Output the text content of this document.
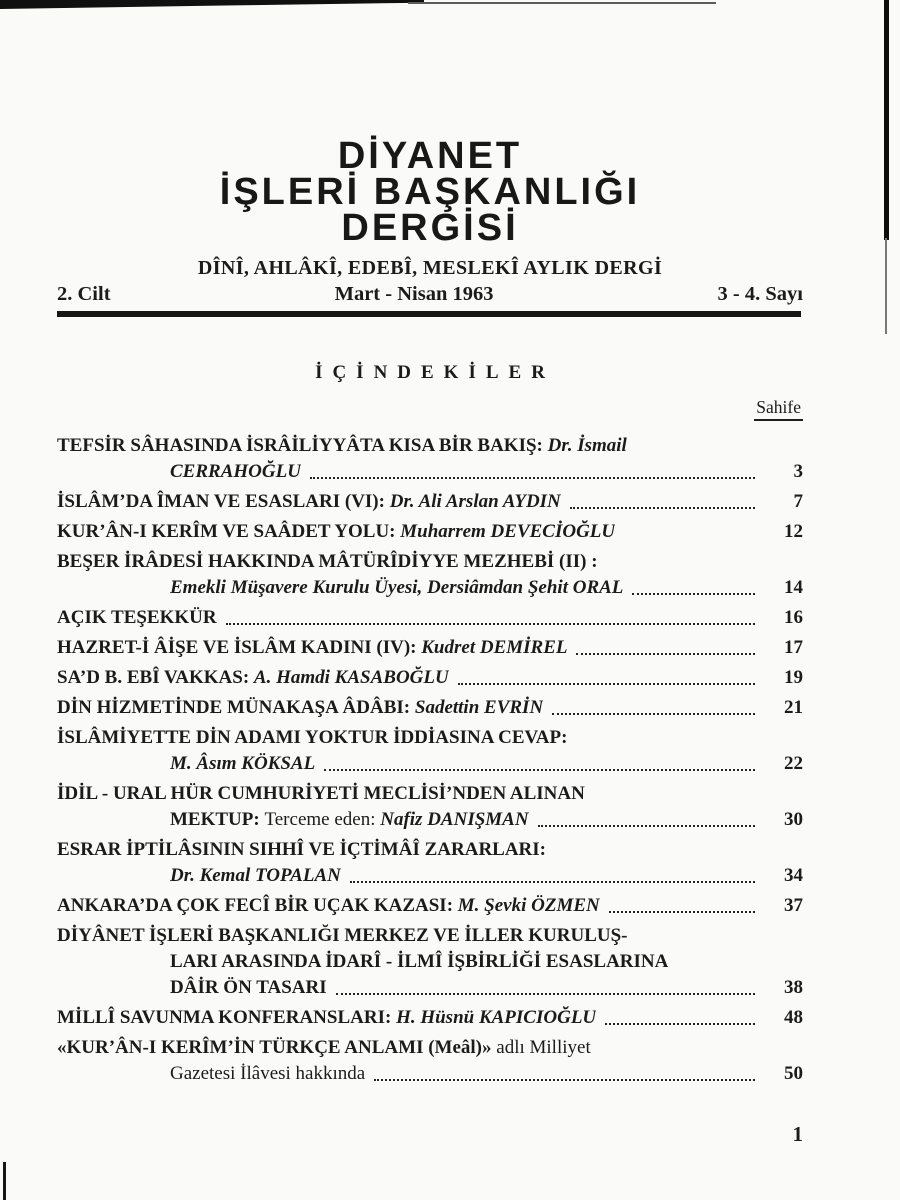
DİYANET
İŞLERİ BAŞKANLIĞI
DERGİSİ
DÎNÎ, AHLÂKÎ, EDEBÎ, MESLEKÎ AYLIK DERGİ
2. Cilt	Mart - Nisan 1963	3 - 4. Sayı
İÇİNDEKİLER
Sahife
TEFSİR SÂHASINDA İSRÂİLİYYÂTA KISA BİR BAKIŞ: Dr. İsmail
CERRAHOĞLU	3
İSLÂM’DA ÎMAN VE ESASLARI (VI): Dr. Ali Arslan AYDIN	7
KUR’ÂN-I KERÎM VE SAÂDET YOLU: Muharrem DEVECİOĞLU	12
BEŞER İRÂDESİ HAKKINDA MÂTÜRÎDİYYE MEZHEBİ (II) :
Emekli Müşavere Kurulu Üyesi, Dersiâmdan Şehit ORAL	14
AÇIK TEŞEKKÜR	16
HAZRET-İ ÂİŞE VE İSLÂM KADINI (IV): Kudret DEMİREL	17
SA’D B. EBÎ VAKKAS: A. Hamdi KASABOĞLU	19
DİN HİZMETİNDE MÜNAKAŞA ÂDÂBI: Sadettin EVRİN	21
İSLÂMİYETTE DİN ADAMI YOKTUR İDDİASINA CEVAP:
M. Âsım KÖKSAL	22
İDİL - URAL HÜR CUMHURİYETİ MECLİSİ’NDEN ALINAN
MEKTUP: Terceme eden: Nafiz DANIŞMAN	30
ESRAR İPTİLÂSININ SIHHÎ VE İÇTİMÂÎ ZARARLARI:
Dr. Kemal TOPALAN	34
ANKARA’DA ÇOK FECÎ BİR UÇAK KAZASI: M. Şevki ÖZMEN	37
DİYÂNET İŞLERİ BAŞKANLIĞI MERKEZ VE İLLER KURULUŞ-
LARI ARASINDA İDARÎ - İLMÎ İŞBİRLİĞİ ESASLARINA
DÂİR ÖN TASARI	38
MİLLÎ SAVUNMA KONFERANSLARI: H. Hüsnü KAPICIOĞLU	48
«KUR’ÂN-I KERÎM’İN TÜRKÇE ANLAMI (Meâl)» adlı Milliyet
Gazetesi İlâvesi hakkında	50
1
